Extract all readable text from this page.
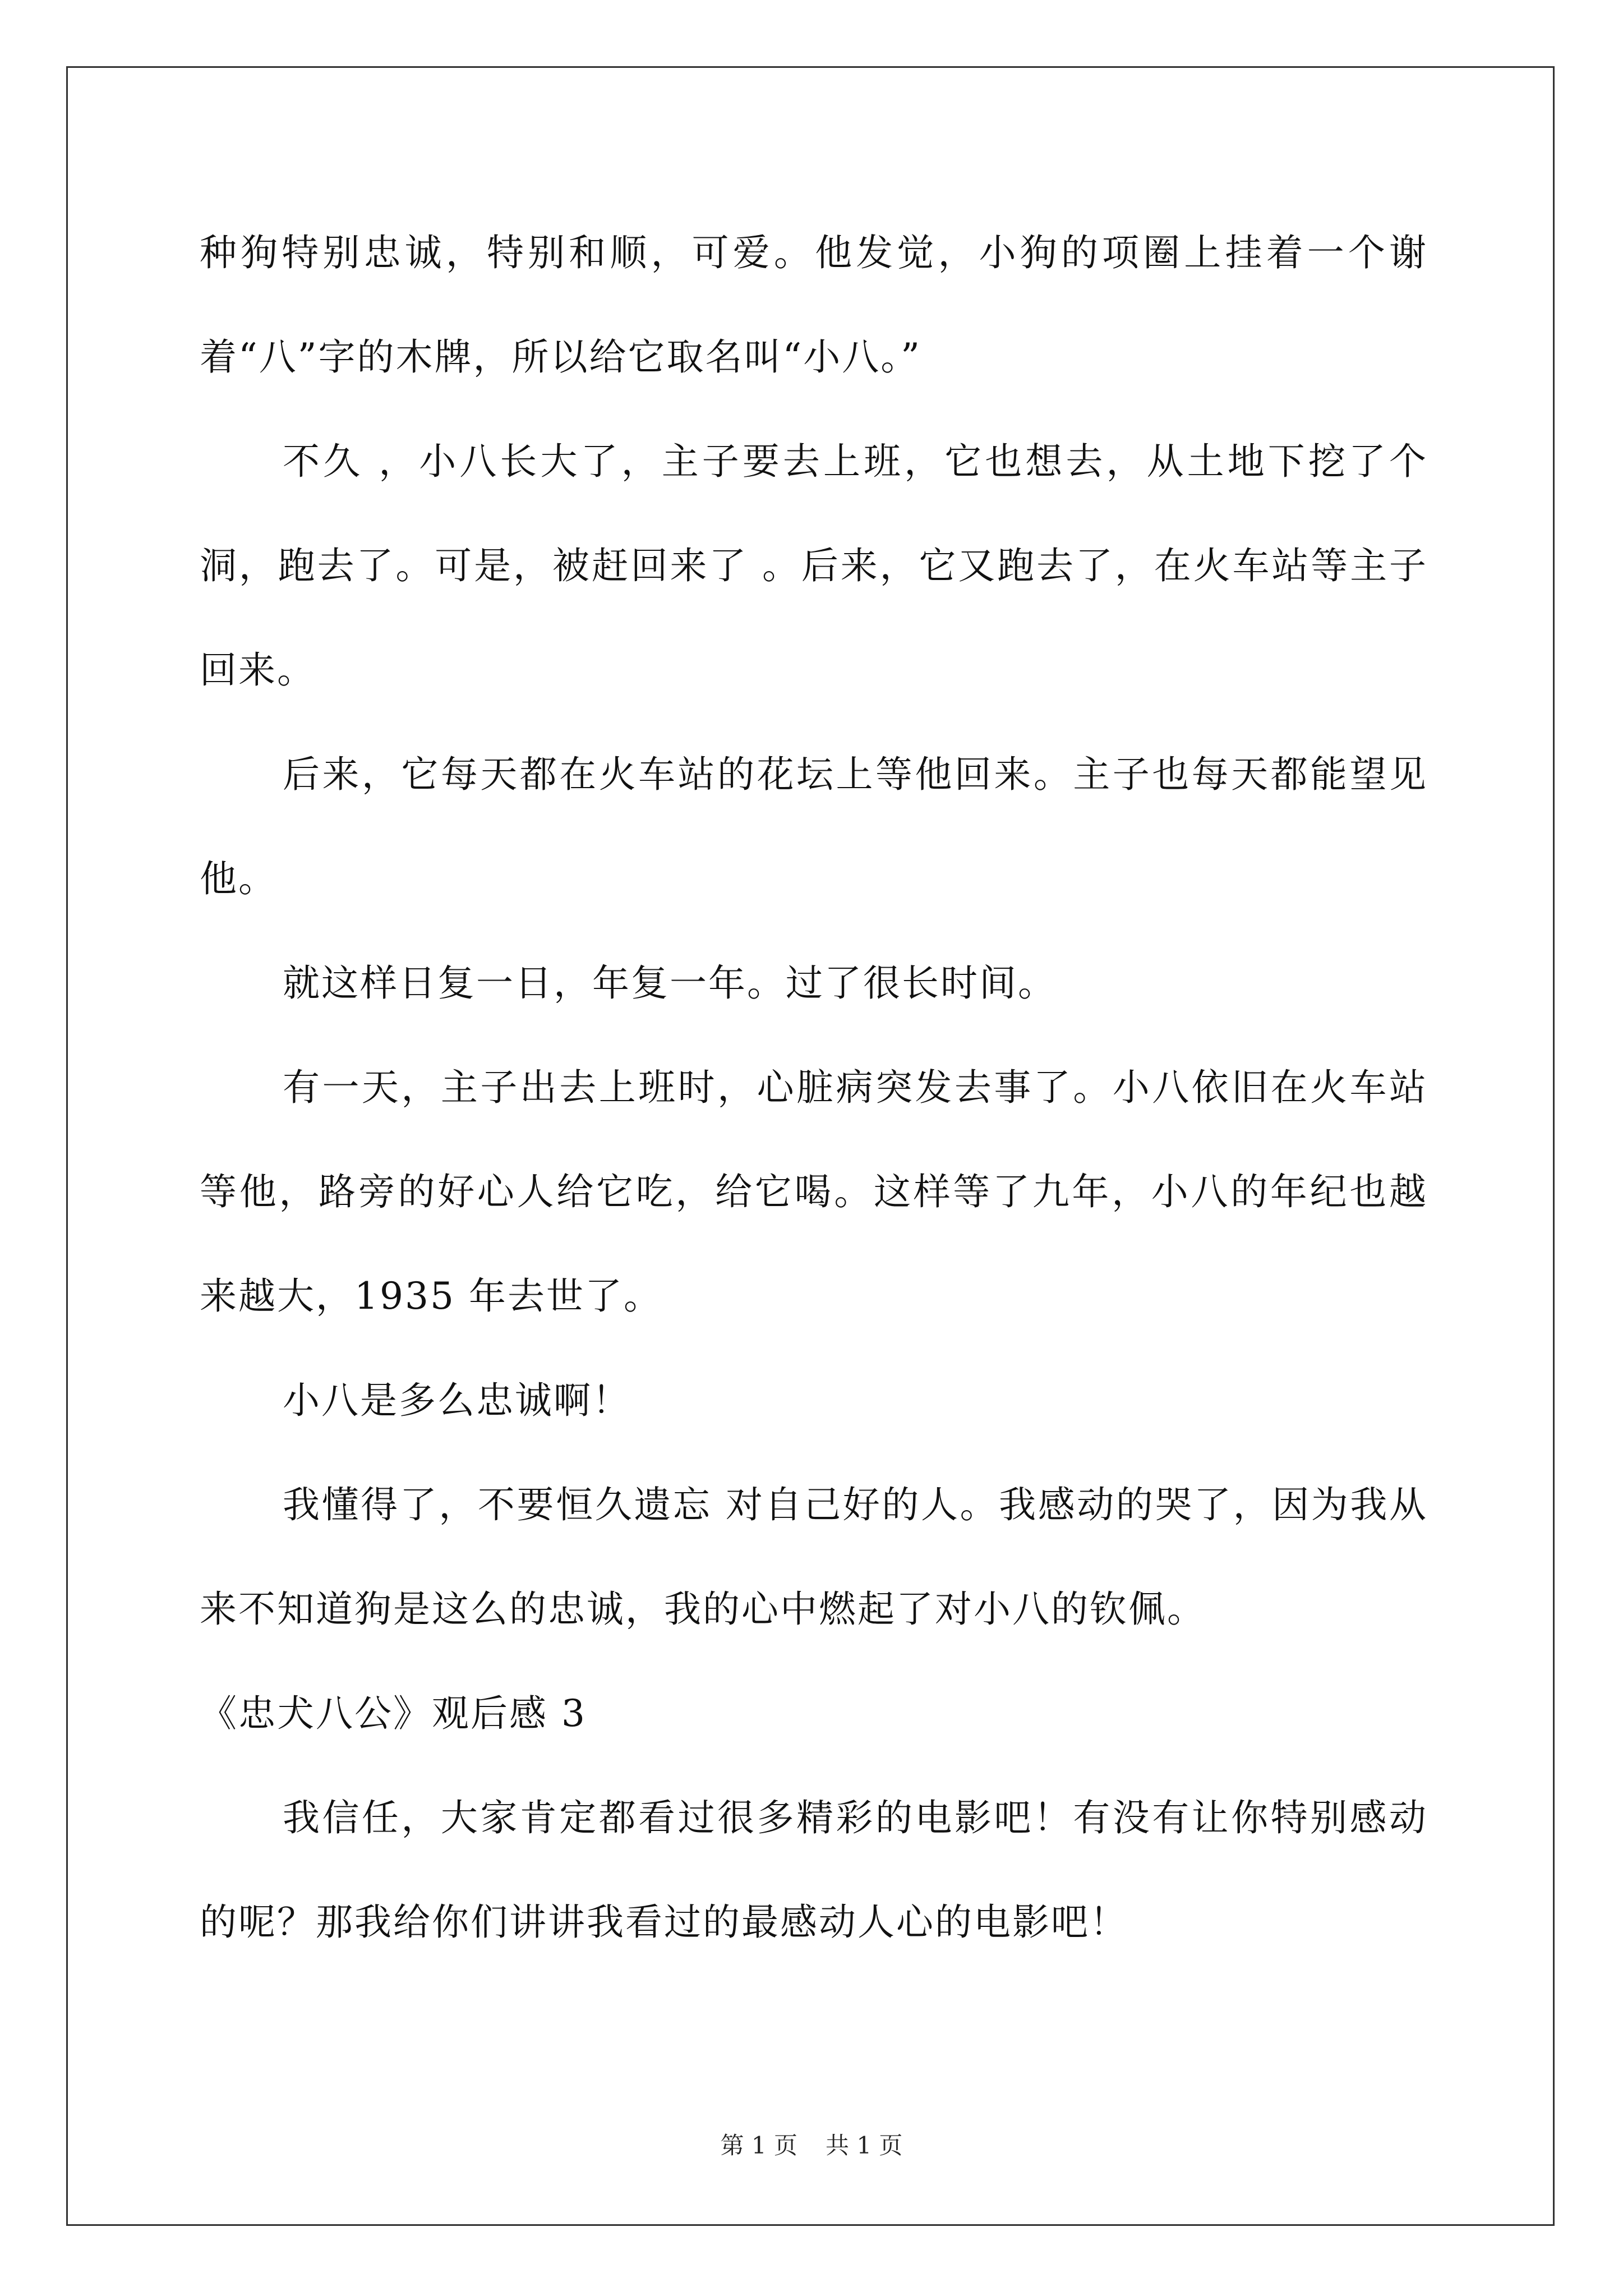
种狗特别忠诚，特别和顺，可爱。他发觉，小狗的项圈上挂着一个谢着“八”字的木牌，所以给它取名叫“小八。”

不久 ，小八长大了，主子要去上班，它也想去，从土地下挖了个洞，跑去了。可是，被赶回来了 。后来，它又跑去了，在火车站等主子回来。

后来，它每天都在火车站的花坛上等他回来。主子也每天都能望见他。

就这样日复一日，年复一年。过了很长时间。

有一天，主子出去上班时，心脏病突发去事了。小八依旧在火车站等他，路旁的好心人给它吃，给它喝。这样等了九年，小八的年纪也越来越大，1935 年去世了。

小八是多么忠诚啊！

我懂得了，不要恒久遗忘 对自己好的人。我感动的哭了，因为我从来不知道狗是这么的忠诚，我的心中燃起了对小八的钦佩。

《忠犬八公》观后感 3

我信任，大家肯定都看过很多精彩的电影吧！有没有让你特别感动的呢？那我给你们讲讲我看过的最感动人心的电影吧！

第 1 页 共 1 页
